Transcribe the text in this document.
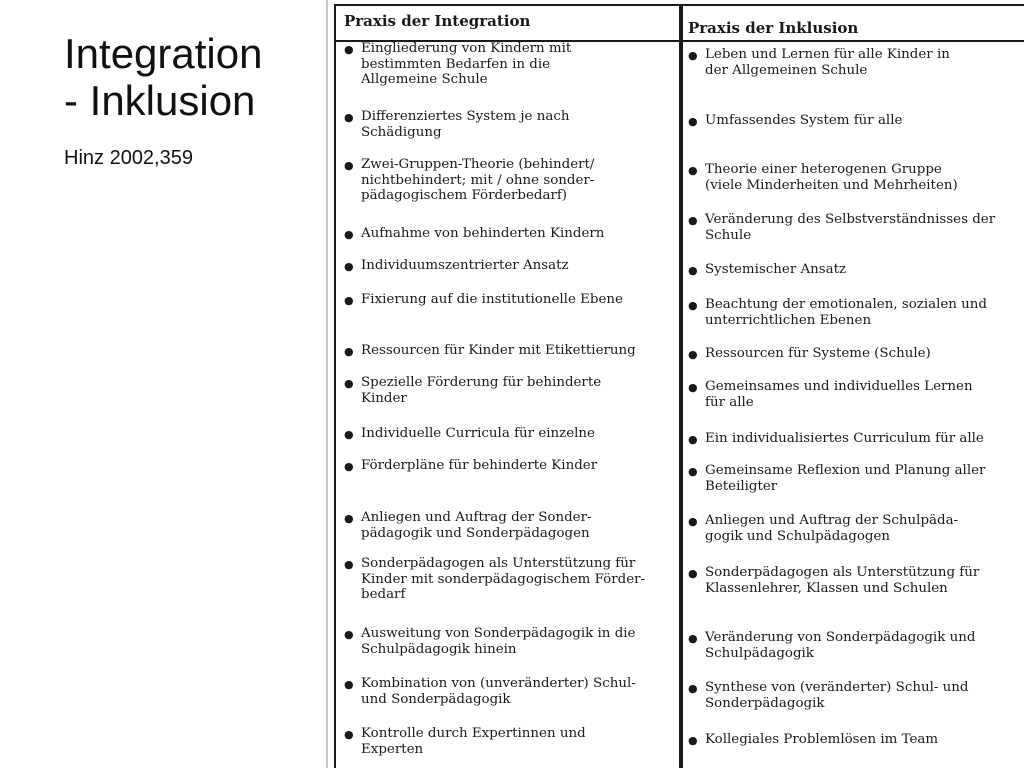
Integration
- Inklusion

Hinz 2002,359

Praxis der Integration
● Eingliederung von Kindern mit
bestimmten Bedarfen in die
Allgemeine Schule
● Differenziertes System je nach
Schädigung
● Zwei-Gruppen-Theorie (behindert/
nichtbehindert; mit / ohne sonder-
pädagogischem Förderbedarf)
● Aufnahme von behinderten Kindern
● Individuumszentrierter Ansatz
● Fixierung auf die institutionelle Ebene
● Ressourcen für Kinder mit Etikettierung
● Spezielle Förderung für behinderte
Kinder
● Individuelle Curricula für einzelne
● Förderpläne für behinderte Kinder
● Anliegen und Auftrag der Sonder-
pädagogik und Sonderpädagogen
● Sonderpädagogen als Unterstützung für
Kinder mit sonderpädagogischem Förder-
bedarf
● Ausweitung von Sonderpädagogik in die
Schulpädagogik hinein
● Kombination von (unveränderter) Schul-
und Sonderpädagogik
● Kontrolle durch Expertinnen und
Experten
Praxis der Inklusion
● Leben und Lernen für alle Kinder in
der Allgemeinen Schule
● Umfassendes System für alle
● Theorie einer heterogenen Gruppe
(viele Minderheiten und Mehrheiten)
● Veränderung des Selbstverständnisses der
Schule
● Systemischer Ansatz
● Beachtung der emotionalen, sozialen und
unterrichtlichen Ebenen
● Ressourcen für Systeme (Schule)
● Gemeinsames und individuelles Lernen
für alle
● Ein individualisiertes Curriculum für alle
● Gemeinsame Reflexion und Planung aller
Beteiligter
● Anliegen und Auftrag der Schulpäda-
gogik und Schulpädagogen
● Sonderpädagogen als Unterstützung für
Klassenlehrer, Klassen und Schulen
● Veränderung von Sonderpädagogik und
Schulpädagogik
● Synthese von (veränderter) Schul- und
Sonderpädagogik
● Kollegiales Problemlösen im Team
